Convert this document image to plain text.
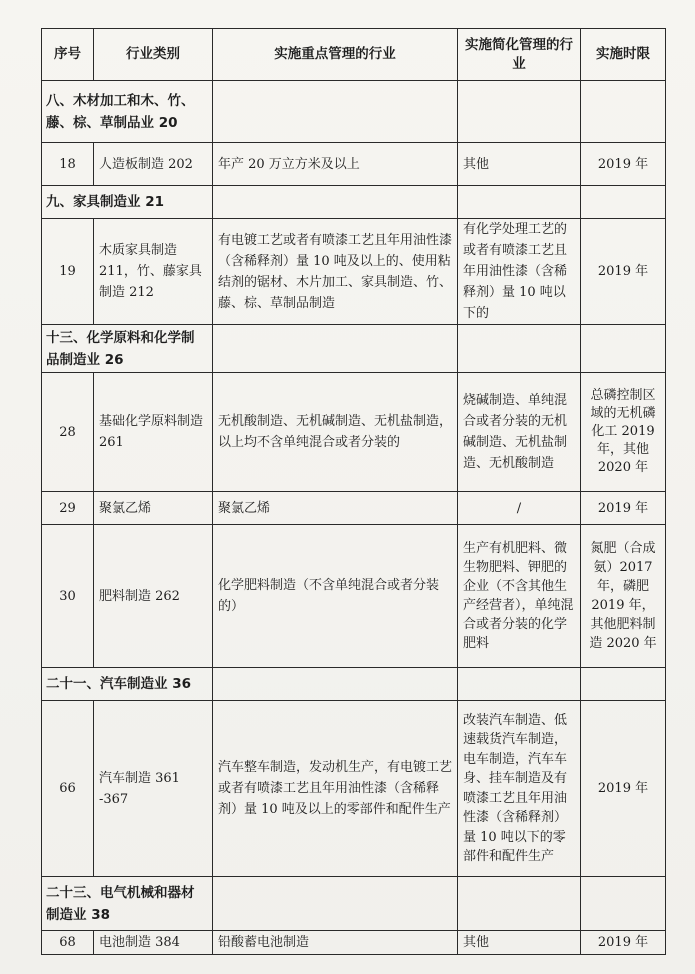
序号	行业类别	实施重点管理的行业	实施简化管理的行业	实施时限
八、木材加工和木、竹、藤、棕、草制品业 20				
18	人造板制造 202	年产 20 万立方米及以上	其他	2019 年
九、家具制造业 21				
19	木质家具制造 211，竹、藤家具制造 212	有电镀工艺或者有喷漆工艺且年用油性漆（含稀释剂）量 10 吨及以上的、使用粘结剂的锯材、木片加工、家具制造、竹、藤、棕、草制品制造	有化学处理工艺的或者有喷漆工艺且年用油性漆（含稀释剂）量 10 吨以下的	2019 年
十三、化学原料和化学制品制造业 26				
28	基础化学原料制造 261	无机酸制造、无机碱制造、无机盐制造，以上均不含单纯混合或者分装的	烧碱制造、单纯混合或者分装的无机碱制造、无机盐制造、无机酸制造	总磷控制区域的无机磷化工 2019 年，其他 2020 年
29	聚氯乙烯	聚氯乙烯	/	2019 年
30	肥料制造 262	化学肥料制造（不含单纯混合或者分装的）	生产有机肥料、微生物肥料、钾肥的企业（不含其他生产经营者），单纯混合或者分装的化学肥料	氮肥（合成氨）2017 年，磷肥 2019 年，其他肥料制造 2020 年
二十一、汽车制造业 36				
66	汽车制造 361 -367	汽车整车制造，发动机生产，有电镀工艺或者有喷漆工艺且年用油性漆（含稀释剂）量 10 吨及以上的零部件和配件生产	改装汽车制造、低速载货汽车制造，电车制造，汽车车身、挂车制造及有喷漆工艺且年用油性漆（含稀释剂）量 10 吨以下的零部件和配件生产	2019 年
二十三、电气机械和器材制造业 38				
68	电池制造 384	铅酸蓄电池制造	其他	2019 年
